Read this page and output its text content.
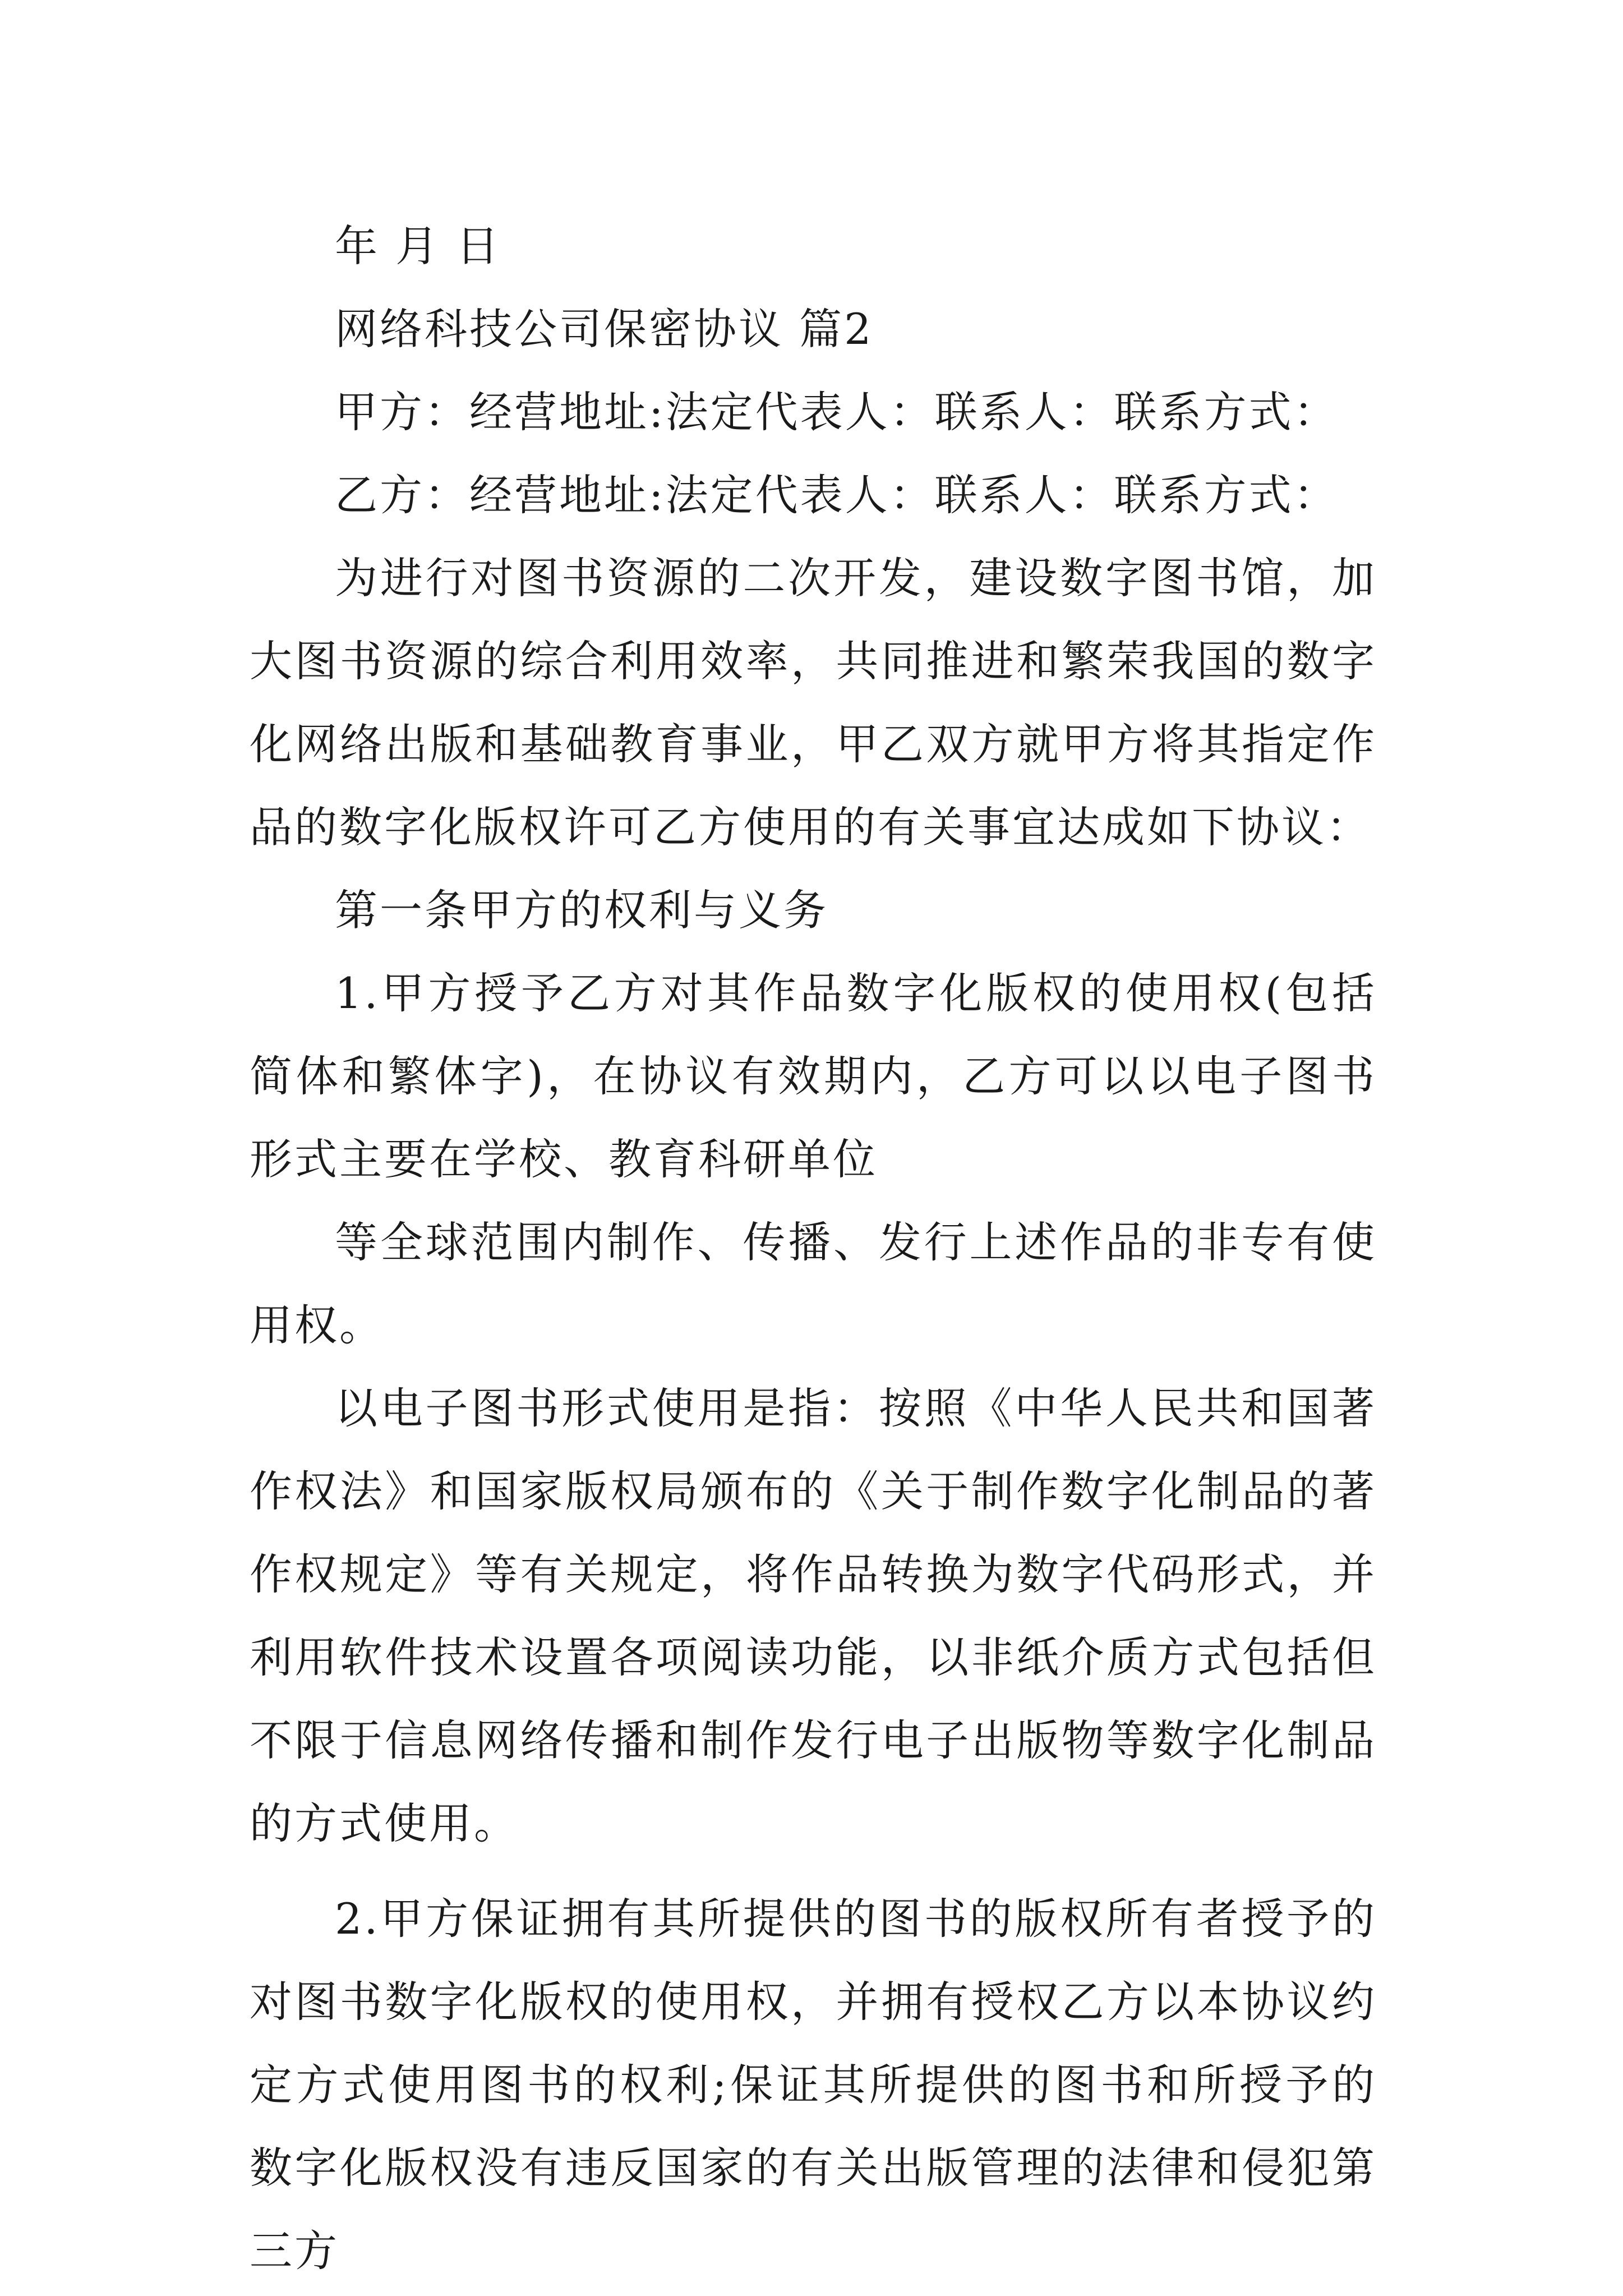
年 月 日

网络科技公司保密协议 篇2

甲方：经营地址:法定代表人：联系人：联系方式：

乙方：经营地址:法定代表人：联系人：联系方式：

为进行对图书资源的二次开发，建设数字图书馆，加大图书资源的综合利用效率，共同推进和繁荣我国的数字化网络出版和基础教育事业，甲乙双方就甲方将其指定作品的数字化版权许可乙方使用的有关事宜达成如下协议：

第一条甲方的权利与义务

1.甲方授予乙方对其作品数字化版权的使用权(包括简体和繁体字)，在协议有效期内，乙方可以以电子图书形式主要在学校、教育科研单位

等全球范围内制作、传播、发行上述作品的非专有使用权。

以电子图书形式使用是指：按照《中华人民共和国著作权法》和国家版权局颁布的《关于制作数字化制品的著作权规定》等有关规定，将作品转换为数字代码形式，并利用软件技术设置各项阅读功能，以非纸介质方式包括但不限于信息网络传播和制作发行电子出版物等数字化制品的方式使用。

2.甲方保证拥有其所提供的图书的版权所有者授予的对图书数字化版权的使用权，并拥有授权乙方以本协议约定方式使用图书的权利;保证其所提供的图书和所授予的数字化版权没有违反国家的有关出版管理的法律和侵犯第三方
